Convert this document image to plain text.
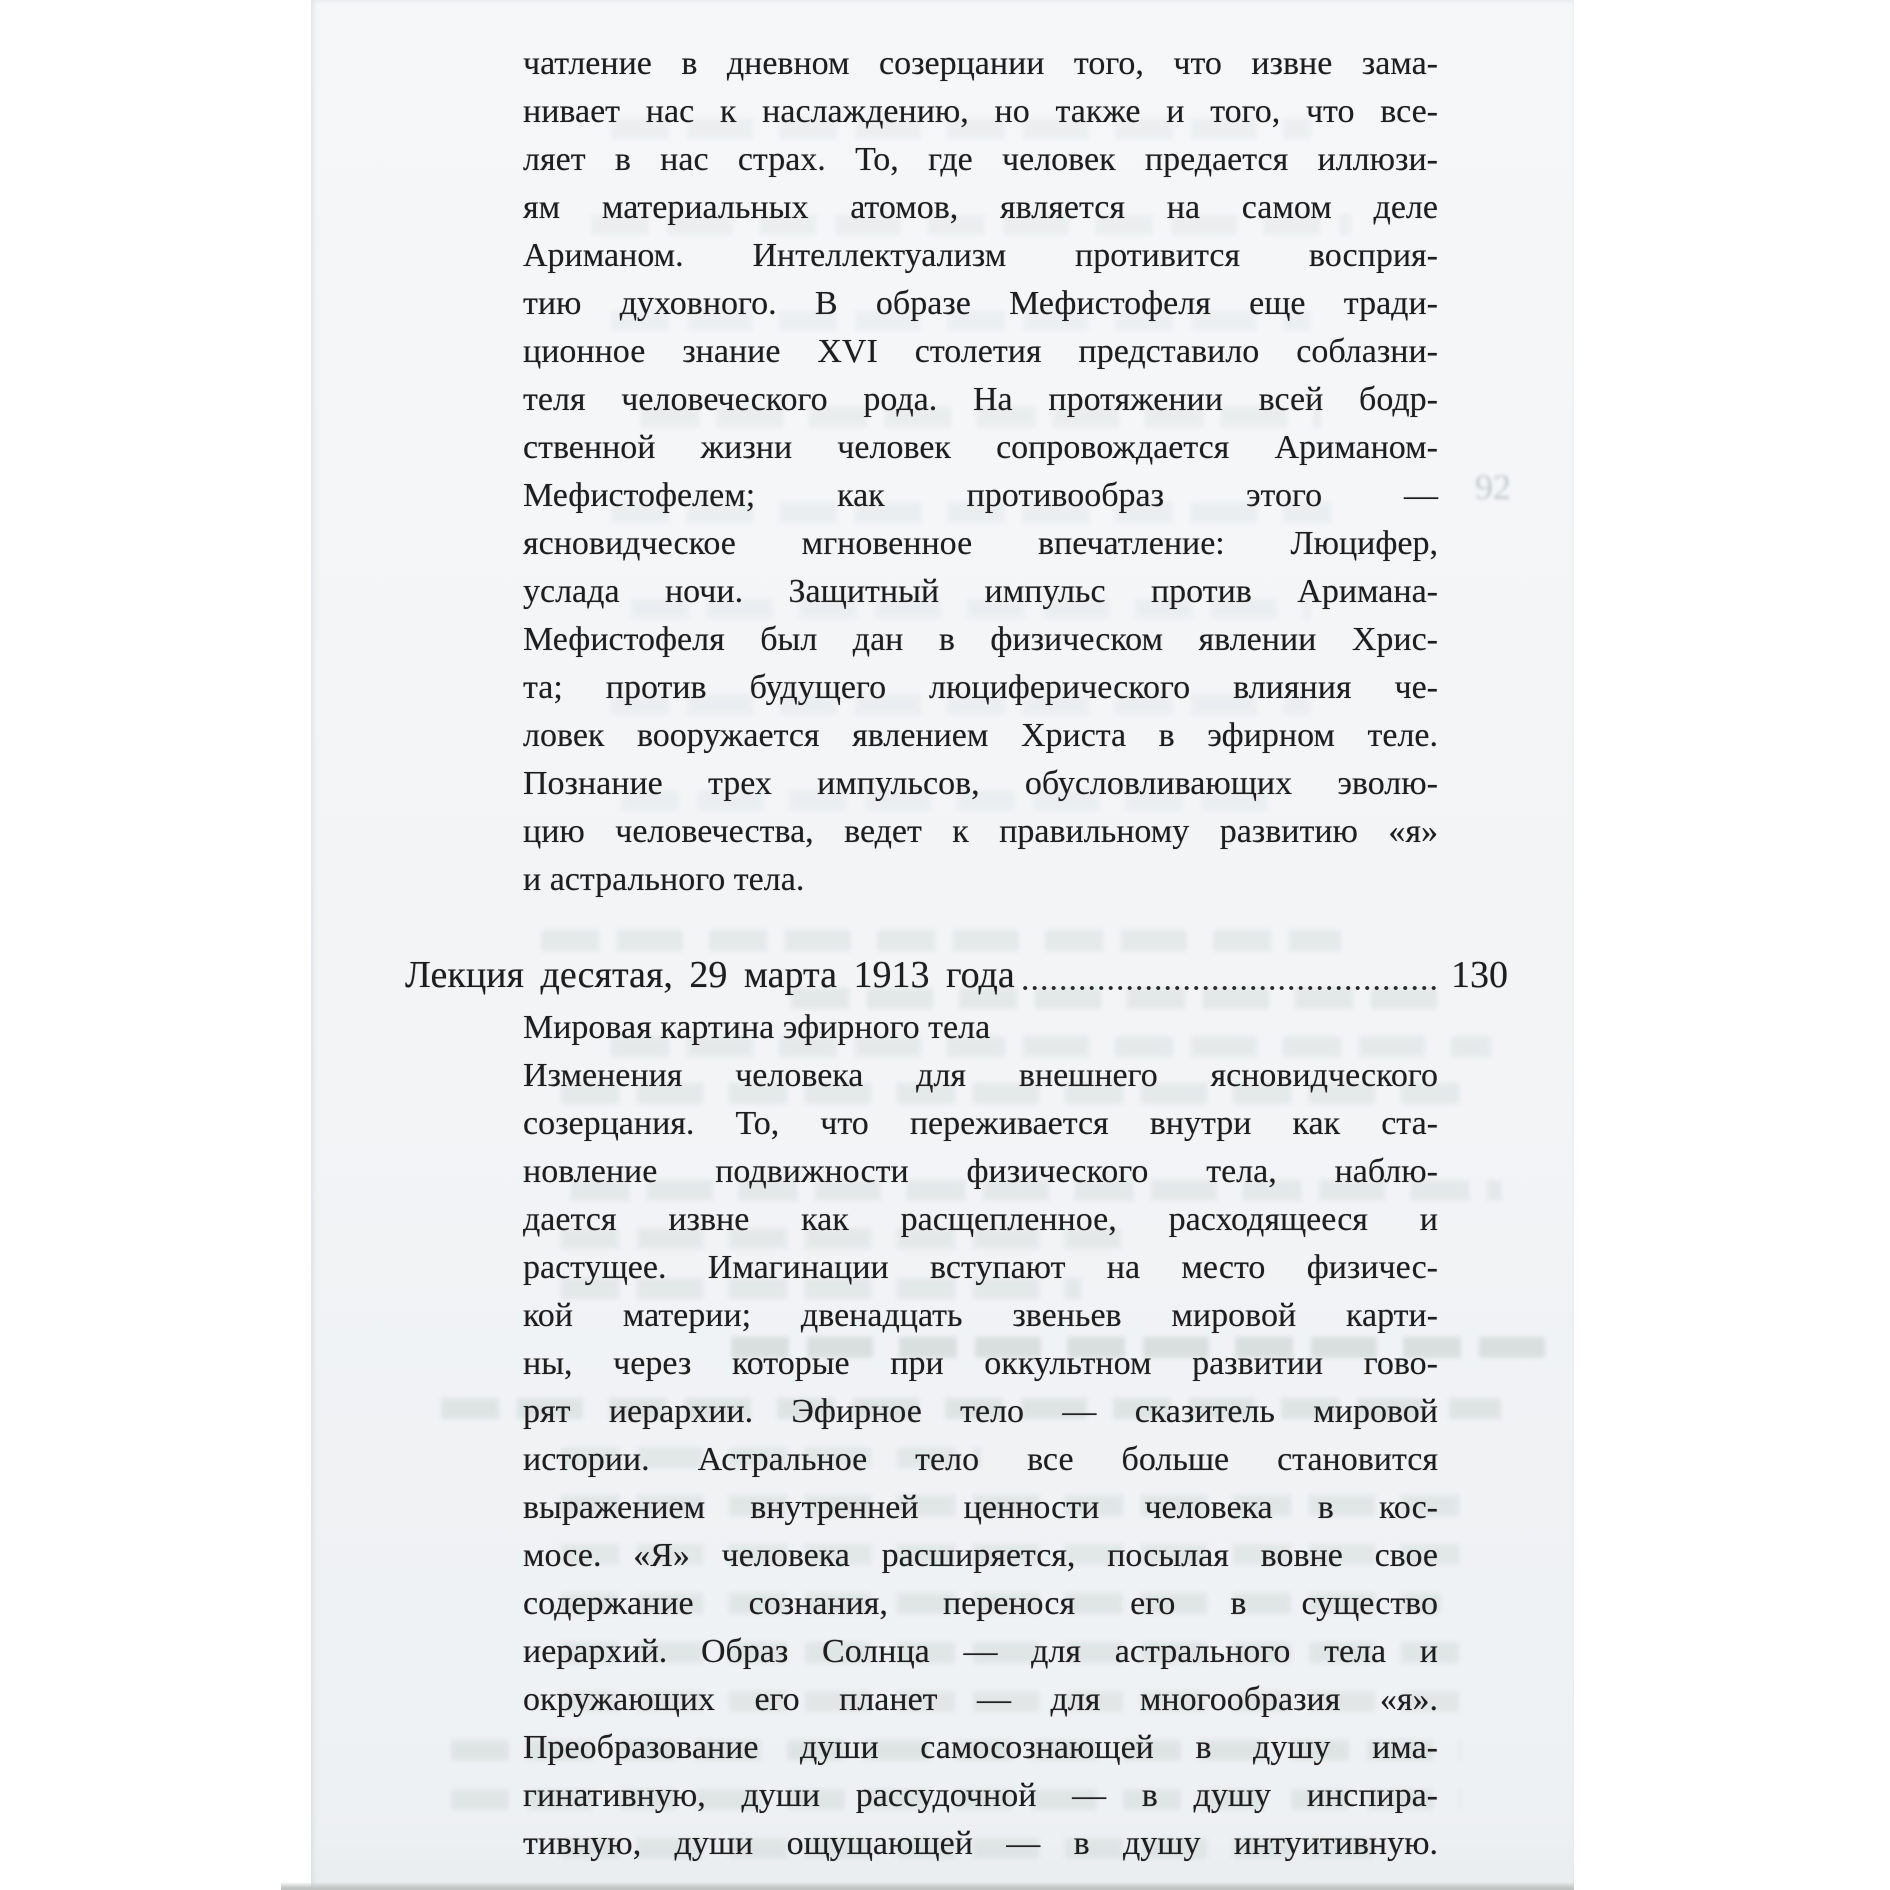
92
чатление в дневном созерцании того, что извне зама-
нивает нас к наслаждению, но также и того, что все-
ляет в нас страх. То, где человек предается иллюзи-
ям материальных атомов, является на самом деле
Ариманом. Интеллектуализм противится восприя-
тию духовного. В образе Мефистофеля еще тради-
ционное знание XVI столетия представило соблазни-
теля человеческого рода. На протяжении всей бодр-
ственной жизни человек сопровождается Ариманом-
Мефистофелем; как противообраз этого —
ясновидческое мгновенное впечатление: Люцифер,
услада ночи. Защитный импульс против Аримана-
Мефистофеля был дан в физическом явлении Хрис-
та; против будущего люциферического влияния че-
ловек вооружается явлением Христа в эфирном теле.
Познание трех импульсов, обусловливающих эволю-
цию человечества, ведет к правильному развитию «я»
и астрального тела.
Лекция десятая, 29 марта 1913 года	130
Мировая картина эфирного тела
Изменения человека для внешнего ясновидческого
созерцания. То, что переживается внутри как ста-
новление подвижности физического тела, наблю-
дается извне как расщепленное, расходящееся и
растущее. Имагинации вступают на место физичес-
кой материи; двенадцать звеньев мировой карти-
ны, через которые при оккультном развитии гово-
рят иерархии. Эфирное тело — сказитель мировой
истории. Астральное тело все больше становится
выражением внутренней ценности человека в кос-
мосе. «Я» человека расширяется, посылая вовне свое
содержание сознания, перенося его в существо
иерархий. Образ Солнца — для астрального тела и
окружающих его планет — для многообразия «я».
Преобразование души самосознающей в душу има-
гинативную, души рассудочной — в душу инспира-
тивную, души ощущающей — в душу интуитивную.
